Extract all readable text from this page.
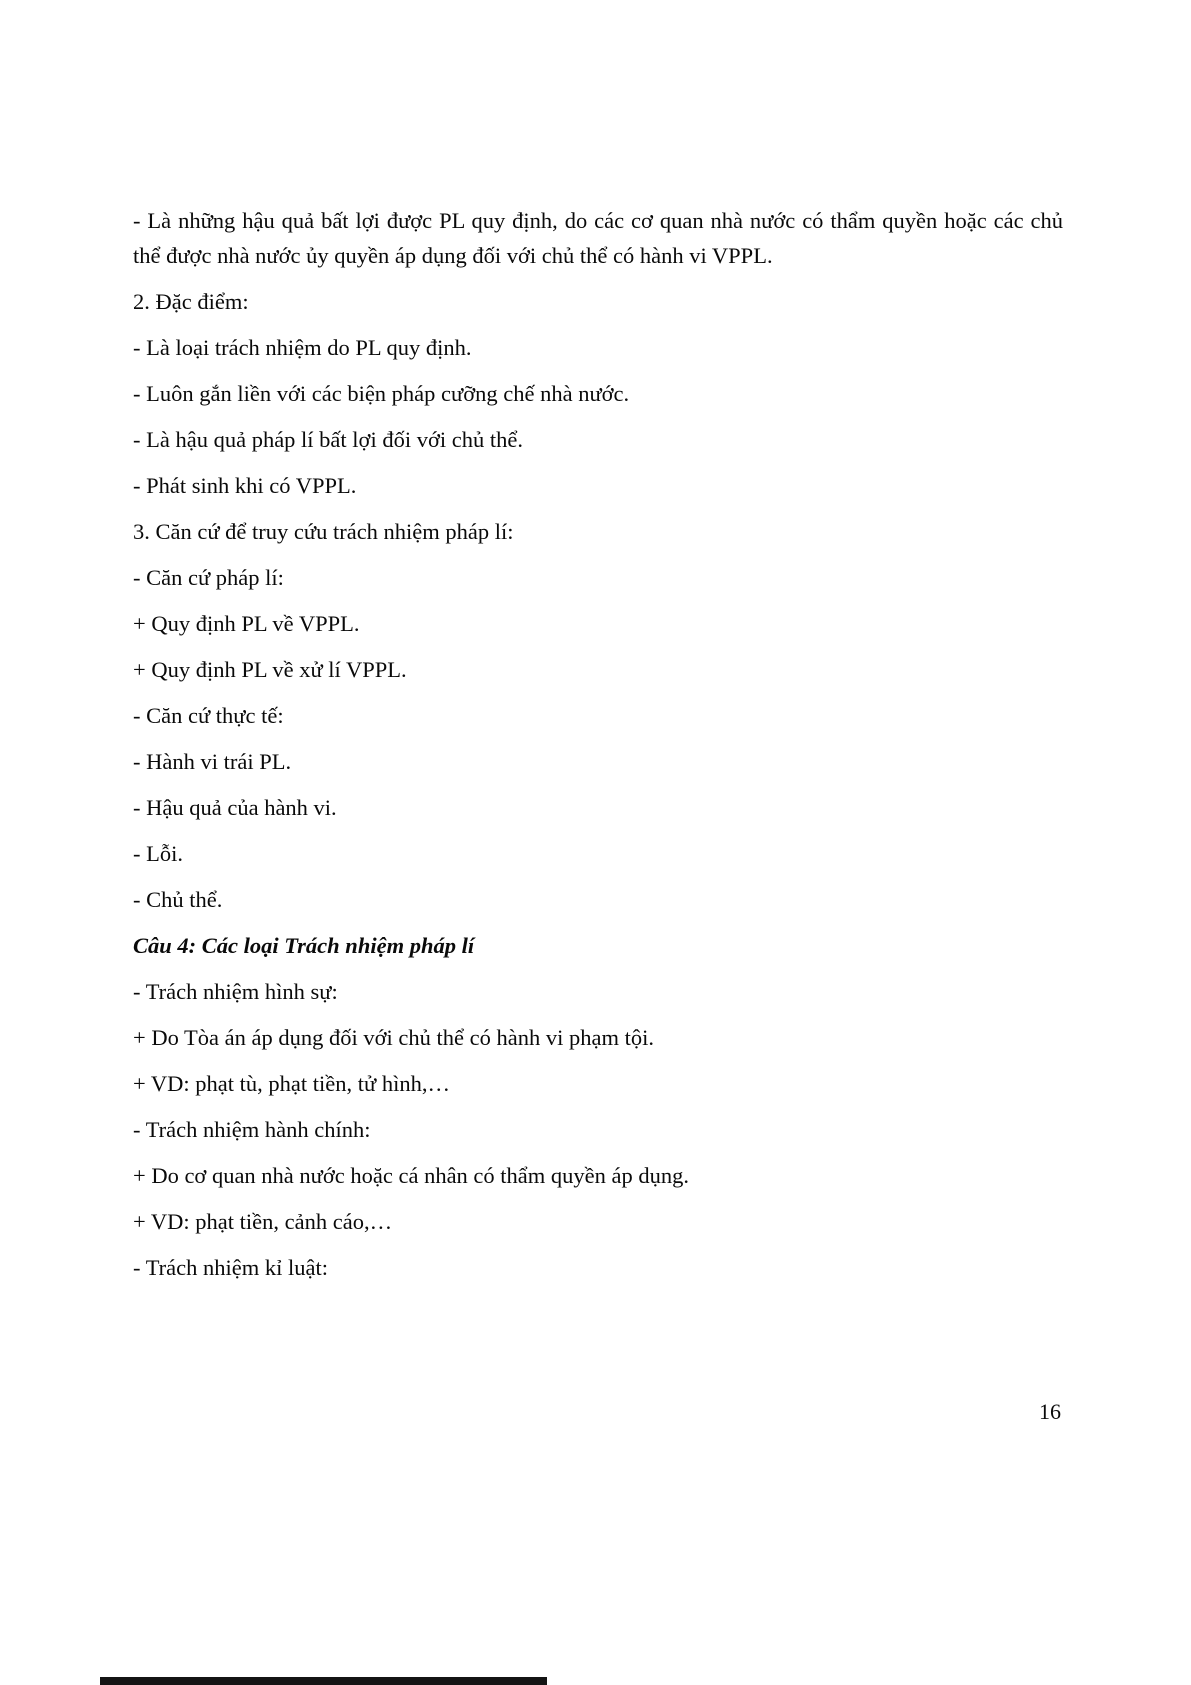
- Là những hậu quả bất lợi được PL quy định, do các cơ quan nhà nước có thẩm quyền hoặc các chủ thể được nhà nước ủy quyền áp dụng đối với chủ thể có hành vi VPPL.

2. Đặc điểm:

- Là loại trách nhiệm do PL quy định.

- Luôn gắn liền với các biện pháp cưỡng chế nhà nước.

- Là hậu quả pháp lí bất lợi đối với chủ thể.

- Phát sinh khi có VPPL.

3. Căn cứ để truy cứu trách nhiệm pháp lí:

- Căn cứ pháp lí:

+ Quy định PL về VPPL.

+ Quy định PL về xử lí VPPL.

- Căn cứ thực tế:

- Hành vi trái PL.

- Hậu quả của hành vi.

- Lỗi.

- Chủ thể.

Câu 4: Các loại Trách nhiệm pháp lí

- Trách nhiệm hình sự:

+ Do Tòa án áp dụng đối với chủ thể có hành vi phạm tội.

+ VD: phạt tù, phạt tiền, tử hình,…

- Trách nhiệm hành chính:

+ Do cơ quan nhà nước hoặc cá nhân có thẩm quyền áp dụng.

+ VD: phạt tiền, cảnh cáo,…

- Trách nhiệm kỉ luật:

16
